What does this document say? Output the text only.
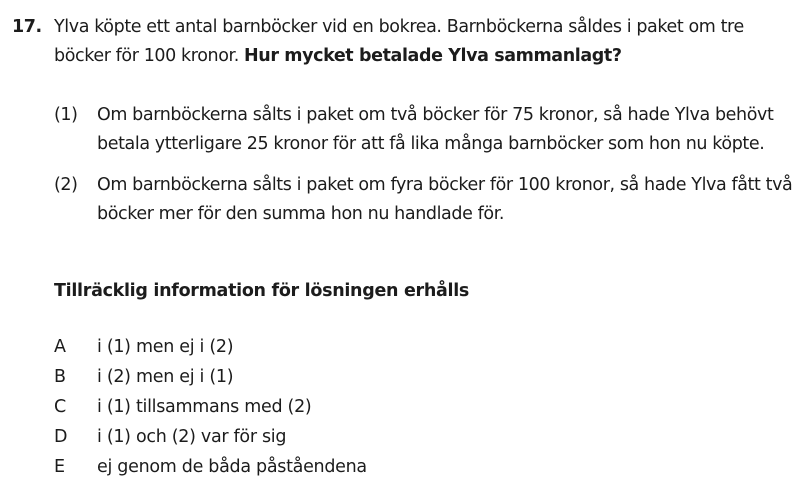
17. Ylva köpte ett antal barnböcker vid en bokrea. Barnböckerna såldes i paket om tre böcker för 100 kronor. Hur mycket betalade Ylva sammanlagt?
(1) Om barnböckerna sålts i paket om två böcker för 75 kronor, så hade Ylva behövt betala ytterligare 25 kronor för att få lika många barnböcker som hon nu köpte.
(2) Om barnböckerna sålts i paket om fyra böcker för 100 kronor, så hade Ylva fått två böcker mer för den summa hon nu handlade för.
Tillräcklig information för lösningen erhålls
A	i (1) men ej i (2)
B	i (2) men ej i (1)
C	i (1) tillsammans med (2)
D	i (1) och (2) var för sig
E	ej genom de båda påståendena
